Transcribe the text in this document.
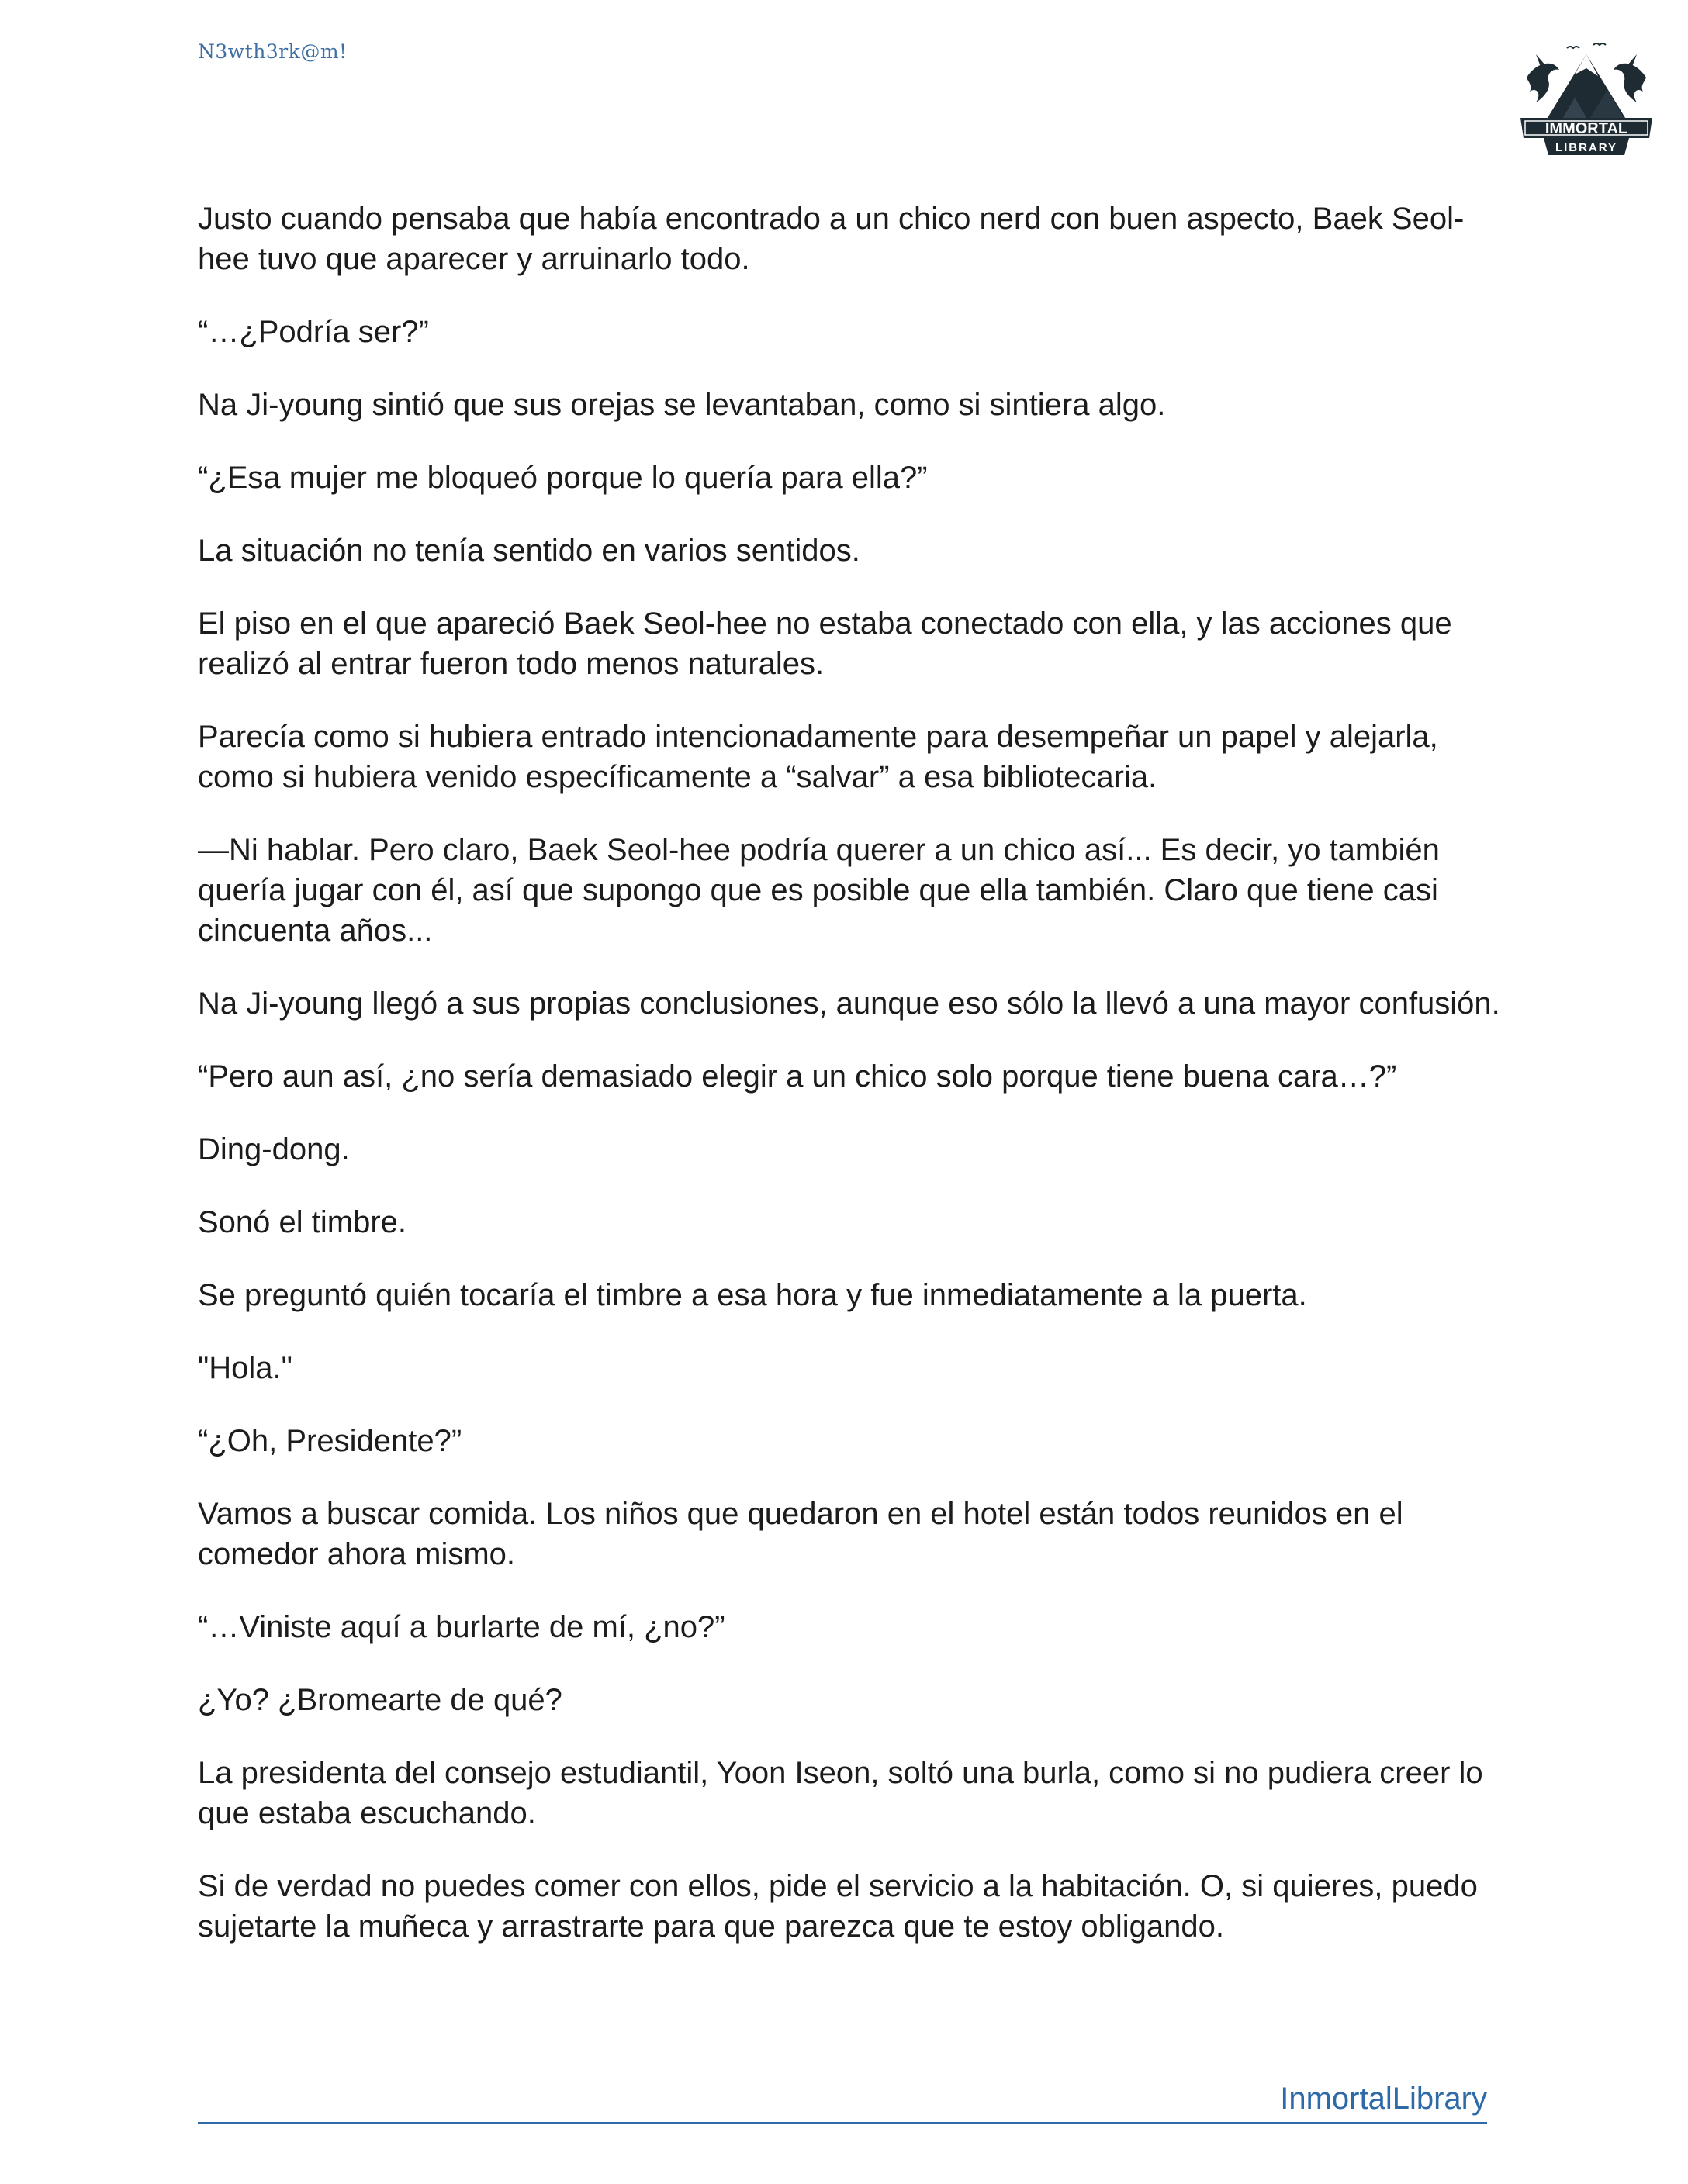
N3wth3rk@m!
IMMORTAL
LIBRARY

Justo cuando pensaba que había encontrado a un chico nerd con buen aspecto, Baek Seol-hee tuvo que aparecer y arruinarlo todo.

“…¿Podría ser?”

Na Ji-young sintió que sus orejas se levantaban, como si sintiera algo.

“¿Esa mujer me bloqueó porque lo quería para ella?”

La situación no tenía sentido en varios sentidos.

El piso en el que apareció Baek Seol-hee no estaba conectado con ella, y las acciones que realizó al entrar fueron todo menos naturales.

Parecía como si hubiera entrado intencionadamente para desempeñar un papel y alejarla, como si hubiera venido específicamente a “salvar” a esa bibliotecaria.

—Ni hablar. Pero claro, Baek Seol-hee podría querer a un chico así... Es decir, yo también quería jugar con él, así que supongo que es posible que ella también. Claro que tiene casi cincuenta años...

Na Ji-young llegó a sus propias conclusiones, aunque eso sólo la llevó a una mayor confusión.

“Pero aun así, ¿no sería demasiado elegir a un chico solo porque tiene buena cara…?”

Ding-dong.

Sonó el timbre.

Se preguntó quién tocaría el timbre a esa hora y fue inmediatamente a la puerta.

"Hola."

“¿Oh, Presidente?”

Vamos a buscar comida. Los niños que quedaron en el hotel están todos reunidos en el comedor ahora mismo.

“…Viniste aquí a burlarte de mí, ¿no?”

¿Yo? ¿Bromearte de qué?

La presidenta del consejo estudiantil, Yoon Iseon, soltó una burla, como si no pudiera creer lo que estaba escuchando.

Si de verdad no puedes comer con ellos, pide el servicio a la habitación. O, si quieres, puedo sujetarte la muñeca y arrastrarte para que parezca que te estoy obligando.

InmortalLibrary
